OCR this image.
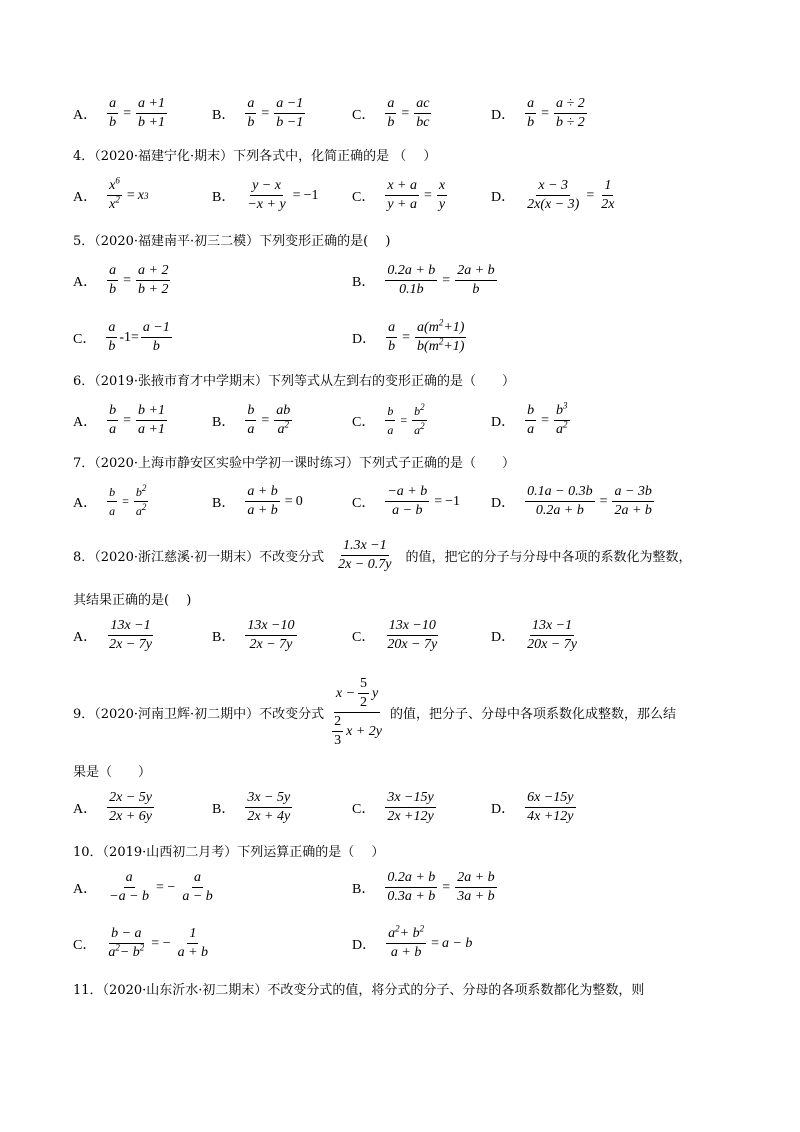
A． $\frac{a}{b} = \frac{a +1}{b +1}$	B． $\frac{a}{b} = \frac{a -1}{b -1}$	C． $\frac{a}{b} = \frac{ac}{bc}$	D． $\frac{a}{b} = \frac{a \div 2}{b \div 2}$
4．（2020·福建宁化·期末）下列各式中，化简正确的是 （　 ）
A． $\frac{x^6}{x^2} = x$ 3	B． $\frac{y - x}{-x + y} = -1$ C． $\frac{x + a}{y + a} = \frac{x}{y}$	D． $\frac{x - 3}{2x(x - 3)} = \frac{1}{2x}$
5．（2020·福建南平·初三二模）下列变形正确的是(　 )
A． $\frac{a}{b} = \frac{a + 2}{b + 2}$	B． $\frac{0.2a + b}{0.1b} = \frac{2a + b}{b}$
C． $\frac{a}{b} -1= \frac{a -1}{b}$	D． $\frac{a}{b} = \frac{a(m^2+1)}{b(m^2+1)}$
6．（2019·张掖市育才中学期末）下列等式从左到右的变形正确的是（　　）
A． $\frac{b}{a} = \frac{b +1}{a +1}$	B． $\frac{b}{a} = \frac{ab}{a^2}$	C． $\frac{b}{a} = \frac{b^2}{a^2}$	D． $\frac{b}{a} = \frac{b^3}{a^2}$
7．（2020·上海市静安区实验中学初一课时练习）下列式子正确的是（　　）
A． $\frac{b}{a} = \frac{b^2}{a^2}$	B． $\frac{a + b}{a + b} = 0$	C． $\frac{-a + b}{a - b} = -1$ D． $\frac{0.1a - 0.3b}{0.2a + b} = \frac{a - 3b}{2a + b}$
8．（2020·浙江慈溪·初一期末）不改变分式 $\frac{1.3x -1}{2x - 0.7y}$ 的值，把它的分子与分母中各项的系数化为整数，
其结果正确的是(　 )
A． $\frac{13x -1}{2x - 7y}$	B． $\frac{13x -10}{2x - 7y}$	C． $\frac{13x -10}{20x - 7y}$	D． $\frac{13x -1}{20x - 7y}$
9．（2020·河南卫辉·初二期中）不改变分式 $\frac{x - \frac{5}{2} y}{\frac{2}{3} x + 2y}$ 的值，把分子、分母中各项系数化成整数，那么结
果是（　　）
A． $\frac{2x - 5y}{2x + 6y}$	B． $\frac{3x - 5y}{2x + 4y}$	C． $\frac{3x -15y}{2x +12y}$	D． $\frac{6x -15y}{4x +12y}$
10．（2019·山西初二月考）下列运算正确的是（　 ）
A． $\frac{a}{-a - b}$ = − $\frac{a}{a - b}$	B． $\frac{0.2a + b}{0.3a + b} = \frac{2a + b}{3a + b}$
C． $\frac{b - a}{a^2- b^2}$ = − $\frac{1}{a + b}$	D． $\frac{a^2+ b^2}{a + b} = a - b$
11．（2020·山东沂水·初二期末）不改变分式的值，将分式的分子、分母的各项系数都化为整数，则
